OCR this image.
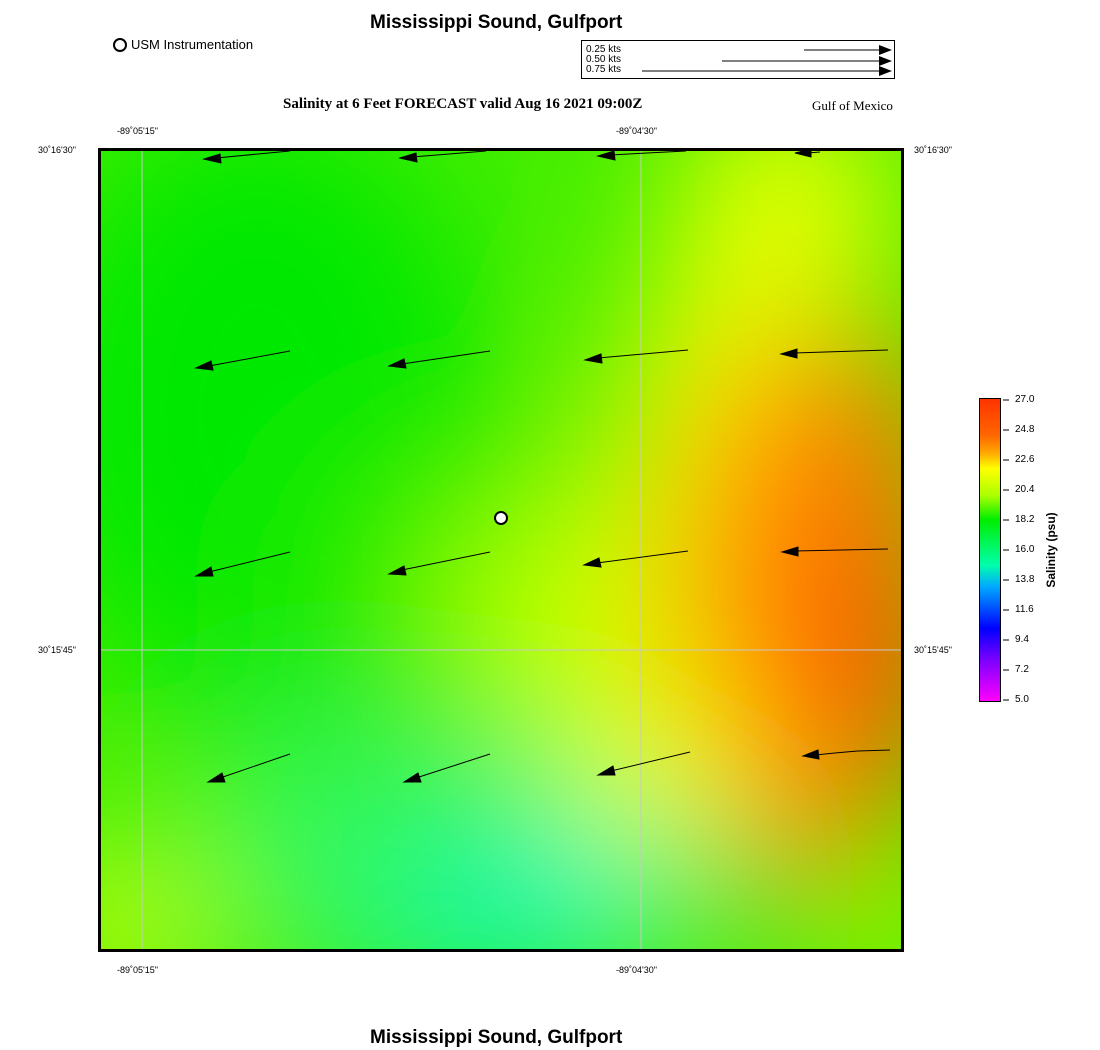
Mississippi Sound, Gulfport
USM Instrumentation	0.25 kts
0.50 kts
0.75 kts
Salinity at 6 Feet FORECAST valid Aug 16 2021 09:00Z	Gulf of Mexico
-89˚05'15"	-89˚04'30"
-89˚05'15"	-89˚04'30"
30˚16'30"
30˚15'45"
30˚16'30"
30˚15'45"
27.0
24.8
22.6
20.4
18.2
16.0
13.8
11.6
9.4
7.2
5.0
Salinity (psu)
Mississippi Sound, Gulfport
